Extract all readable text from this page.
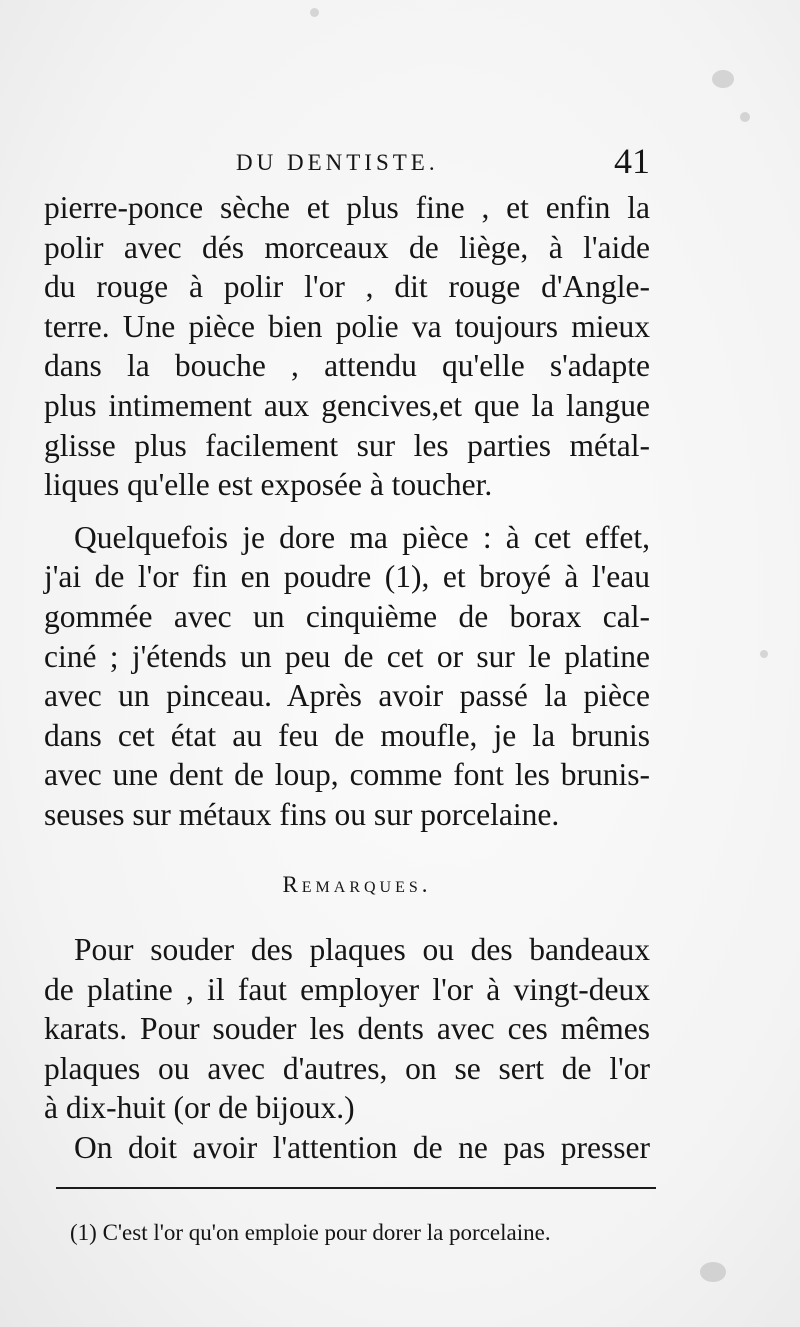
DU DENTISTE.	41
pierre-ponce sèche et plus fine , et enfin la
polir avec dés morceaux de liège, à l'aide
du rouge à polir l'or , dit rouge d'Angle-
terre. Une pièce bien polie va toujours mieux
dans la bouche , attendu qu'elle s'adapte
plus intimement aux gencives,et que la langue
glisse plus facilement sur les parties métal-
liques qu'elle est exposée à toucher.
Quelquefois je dore ma pièce : à cet effet,
j'ai de l'or fin en poudre (1), et broyé à l'eau
gommée avec un cinquième de borax cal-
ciné ; j'étends un peu de cet or sur le platine
avec un pinceau. Après avoir passé la pièce
dans cet état au feu de moufle, je la brunis
avec une dent de loup, comme font les brunis-
seuses sur métaux fins ou sur porcelaine.
Remarques.
Pour souder des plaques ou des bandeaux
de platine , il faut employer l'or à vingt-deux
karats. Pour souder les dents avec ces mêmes
plaques ou avec d'autres, on se sert de l'or
à dix-huit (or de bijoux.)
On doit avoir l'attention de ne pas presser
(1) C'est l'or qu'on emploie pour dorer la porcelaine.
